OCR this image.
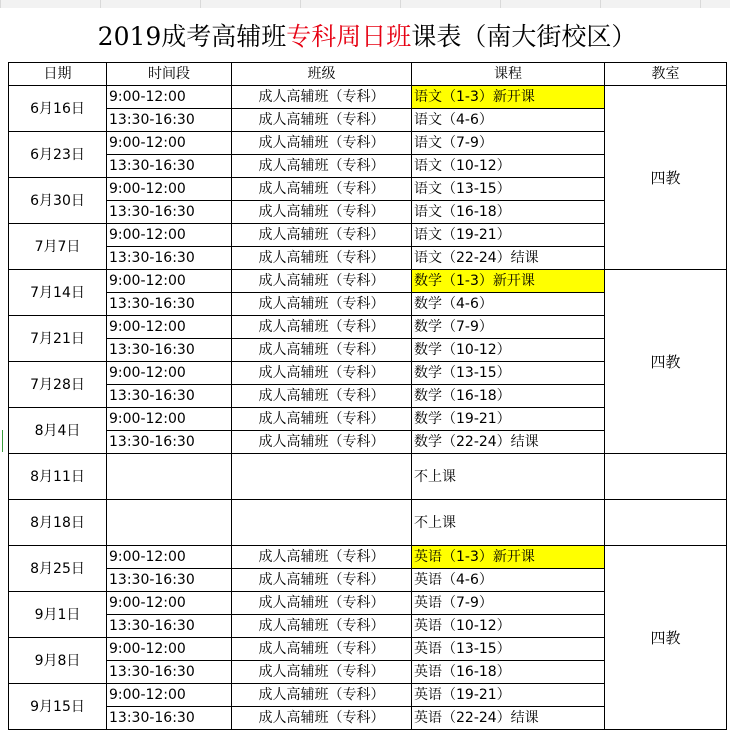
2019成考高辅班 专科周日班 课表（南大街校区）
日期	时间段	班级	课程	教室
6月16日	9:00-12:00	成人高辅班（专科）	语文（1-3）新开课	四教
	13:30-16:30	成人高辅班（专科）	语文（4-6）	
6月23日	9:00-12:00	成人高辅班（专科）	语文（7-9）	
	13:30-16:30	成人高辅班（专科）	语文（10-12）	
6月30日	9:00-12:00	成人高辅班（专科）	语文（13-15）	
	13:30-16:30	成人高辅班（专科）	语文（16-18）	
7月7日	9:00-12:00	成人高辅班（专科）	语文（19-21）	
	13:30-16:30	成人高辅班（专科）	语文（22-24）结课	
7月14日	9:00-12:00	成人高辅班（专科）	数学（1-3）新开课	四教
	13:30-16:30	成人高辅班（专科）	数学（4-6）	
7月21日	9:00-12:00	成人高辅班（专科）	数学（7-9）	
	13:30-16:30	成人高辅班（专科）	数学（10-12）	
7月28日	9:00-12:00	成人高辅班（专科）	数学（13-15）	
	13:30-16:30	成人高辅班（专科）	数学（16-18）	
8月4日	9:00-12:00	成人高辅班（专科）	数学（19-21）	
	13:30-16:30	成人高辅班（专科）	数学（22-24）结课	
8月11日			不上课	
8月18日			不上课	
8月25日	9:00-12:00	成人高辅班（专科）	英语（1-3）新开课	四教
	13:30-16:30	成人高辅班（专科）	英语（4-6）	
9月1日	9:00-12:00	成人高辅班（专科）	英语（7-9）	
	13:30-16:30	成人高辅班（专科）	英语（10-12）	
9月8日	9:00-12:00	成人高辅班（专科）	英语（13-15）	
	13:30-16:30	成人高辅班（专科）	英语（16-18）	
9月15日	9:00-12:00	成人高辅班（专科）	英语（19-21）	
	13:30-16:30	成人高辅班（专科）	英语（22-24）结课	
